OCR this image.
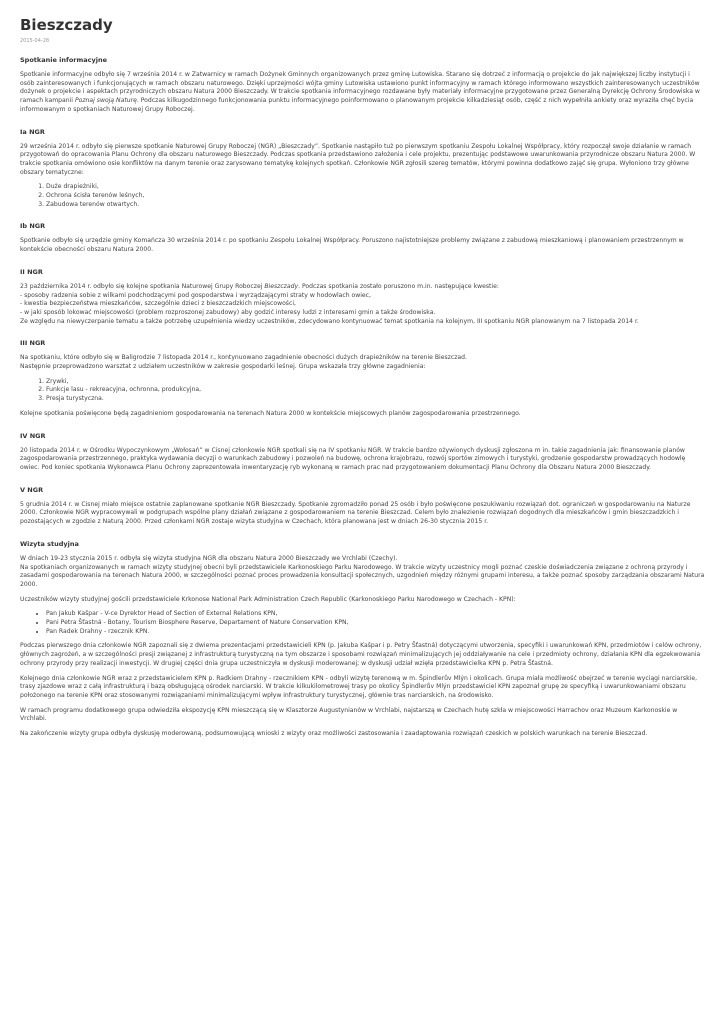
Bieszczady
2015-04-28
Spotkanie informacyjne

Spotkanie informacyjne odbyło się 7 września 2014 r. w Zatwarnicy w ramach Dożynek Gminnych organizowanych przez gminę Lutowiska. Starano się dotrzeć z informacją o projekcie do jak największej liczby instytucji i osób zainteresowanych i funkcjonujących w ramach obszaru naturowego. Dzięki uprzejmości wójta gminy Lutowiska ustawiono punkt informacyjny w ramach którego informowano wszystkich zainteresowanych uczestników dożynek o projekcie i aspektach przyrodniczych obszaru Natura 2000 Bieszczady. W trakcie spotkania informacyjnego rozdawane były materiały informacyjne przygotowane przez Generalną Dyrekcję Ochrony Środowiska w ramach kampanii Poznaj swoją Naturę. Podczas kilkugodzinnego funkcjonowania punktu informacyjnego poinformowano o planowanym projekcie kilkadziesiąt osób, część z nich wypełniła ankiety oraz wyraziła chęć bycia informowanym o spotkaniach Naturowej Grupy Roboczej.

Ia NGR

29 września 2014 r. odbyło się pierwsze spotkanie Naturowej Grupy Roboczej (NGR) „Bieszczady”. Spotkanie nastąpiło tuż po pierwszym spotkaniu Zespołu Lokalnej Współpracy, który rozpoczął swoje działanie w ramach przygotowań do opracowania Planu Ochrony dla obszaru naturowego Bieszczady. Podczas spotkania przedstawiono założenia i cele projektu, prezentując podstawowe uwarunkowania przyrodnicze obszaru Natura 2000. W trakcie spotkania omówiono osie konfliktów na danym terenie oraz zarysowano tematykę kolejnych spotkań. Członkowie NGR zgłosili szereg tematów, którymi powinna dodatkowo zająć się grupa. Wyłoniono trzy główne obszary tematyczne:

1. Duże drapieżniki,
2. Ochrona ścisła terenów leśnych,
3. Zabudowa terenów otwartych.
Ib NGR

Spotkanie odbyło się urzędzie gminy Komańcza 30 września 2014 r. po spotkaniu Zespołu Lokalnej Współpracy. Poruszono najistotniejsze problemy związane z zabudową mieszkaniową i planowaniem przestrzennym w kontekście obecności obszaru Natura 2000.

II NGR

23 października 2014 r. odbyło się kolejne spotkania Naturowej Grupy Roboczej Bieszczady. Podczas spotkania zostało poruszono m.in. następujące kwestie:
- sposoby radzenia sobie z wilkami podchodzącymi pod gospodarstwa i wyrządzającymi straty w hodowlach owiec,
- kwestia bezpieczeństwa mieszkańców, szczególnie dzieci z bieszczadzkich miejscowości,
- w jaki sposób lokować miejscowości (problem rozproszonej zabudowy) aby godzić interesy ludzi z interesami gmin a także środowiska.
Ze względu na niewyczerpanie tematu a także potrzebę uzupełnienia wiedzy uczestników, zdecydowano kontynuować temat spotkania na kolejnym, III spotkaniu NGR planowanym na 7 listopada 2014 r.

III NGR

Na spotkaniu, które odbyło się w Baligrodzie 7 listopada 2014 r., kontynuowano zagadnienie obecności dużych drapieżników na terenie Bieszczad.
Następnie przeprowadzono warsztat z udziałem uczestników w zakresie gospodarki leśnej. Grupa wskazała trzy główne zagadnienia:

1. Zrywki,
2. Funkcje lasu - rekreacyjna, ochronna, produkcyjna,
3. Presja turystyczna.

Kolejne spotkania poświęcone będą zagadnieniom gospodarowania na terenach Natura 2000 w kontekście miejscowych planów zagospodarowania przestrzennego.

IV NGR

20 listopada 2014 r. w Ośrodku Wypoczynkowym „Wołosań” w Cisnej członkowie NGR spotkali się na IV spotkaniu NGR. W trakcie bardzo ożywionych dyskusji zgłoszona m in. takie zagadnienia jak: finansowanie planów zagospodarowania przestrzennego, praktyka wydawania decyzji o warunkach zabudowy i pozwoleń na budowę, ochrona krajobrazu, rozwój sportów zimowych i turystyki, grodzenie gospodarstw prowadzących hodowlę owiec. Pod koniec spotkania Wykonawca Planu Ochrony zaprezentowała inwentaryzację ryb wykonaną w ramach prac nad przygotowaniem dokumentacji Planu Ochrony dla Obszaru Natura 2000 Bieszczady.

V NGR

5 grudnia 2014 r. w Cisnej miało miejsce ostatnie zaplanowane spotkanie NGR Bieszczady. Spotkanie zgromadziło ponad 25 osób i było poświęcone poszukiwaniu rozwiązań dot. ograniczeń w gospodarowaniu na Naturze 2000. Członkowie NGR wypracowywali w podgrupach wspólne plany działań związane z gospodarowaniem na terenie Bieszczad. Celem było znalezienie rozwiązań dogodnych dla mieszkańców i gmin bieszczadzkich i pozostających w zgodzie z Naturą 2000. Przed członkami NGR zostaje wizyta studyjna w Czechach, która planowana jest w dniach 26-30 stycznia 2015 r.

Wizyta studyjna

W dniach 19-23 stycznia 2015 r. odbyła się wizyta studyjna NGR dla obszaru Natura 2000 Bieszczady we Vrchlabi (Czechy).
Na spotkaniach organizowanych w ramach wizyty studyjnej obecni byli przedstawiciele Karkonoskiego Parku Narodowego. W trakcie wizyty uczestnicy mogli poznać czeskie doświadczenia związane z ochroną przyrody i zasadami gospodarowania na terenach Natura 2000, w szczególności poznać proces prowadzenia konsultacji społecznych, uzgodnień między różnymi grupami interesu, a także poznać sposoby zarządzania obszarami Natura 2000.

Uczestników wizyty studyjnej gościli przedstawiciele Krkonose National Park Administration Czech Republic (Karkonoskiego Parku Narodowego w Czechach - KPN):

• Pan Jakub Kašpar - V-ce Dyrektor Head of Section of External Relations KPN,
• Pani Petra Šťastná - Botany, Tourism Biosphere Reserve, Departament of Nature Conservation KPN,
• Pan Radek Drahny - rzecznik KPN.

Podczas pierwszego dnia członkowie NGR zapoznali się z dwiema prezentacjami przedstawicieli KPN (p. Jakuba Kašpar i p. Petry Šťastná) dotyczącymi utworzenia, specyfiki i uwarunkowań KPN, przedmiotów i celów ochrony, głównych zagrożeń, a w szczególności presji związanej z infrastrukturą turystyczną na tym obszarze i sposobami rozwiązań minimalizujących jej oddziaływanie na cele i przedmioty ochrony, działania KPN dla egzekwowania ochrony przyrody przy realizacji inwestycji. W drugiej części dnia grupa uczestniczyła w dyskusji moderowanej; w dyskusji udział wzięła przedstawicielka KPN p. Petra Šťastná.

Kolejnego dnia członkowie NGR wraz z przedstawicielem KPN p. Radkiem Drahny - rzecznikiem KPN - odbyli wizytę terenową w m. Špindlerův Mlýn i okolicach. Grupa miała możliwość obejrzeć w terenie wyciągi narciarskie, trasy zjazdowe wraz z całą infrastrukturą i bazą obsługującą ośrodek narciarski. W trakcie kilkukilometrowej trasy po okolicy Špindlerův Mlýn przedstawiciel KPN zapoznał grupę ze specyfiką i uwarunkowaniami obszaru położonego na terenie KPN oraz stosowanymi rozwiązaniami minimalizującymi wpływ infrastruktury turystycznej, głównie tras narciarskich, na środowisko.

W ramach programu dodatkowego grupa odwiedziła ekspozycję KPN mieszczącą się w Klasztorze Augustynianów w Vrchlabi, najstarszą w Czechach hutę szkła w miejscowości Harrachov oraz Muzeum Karkonoskie w Vrchlabi.

Na zakończenie wizyty grupa odbyła dyskusję moderowaną, podsumowującą wnioski z wizyty oraz możliwości zastosowania i zaadaptowania rozwiązań czeskich w polskich warunkach na terenie Bieszczad.
